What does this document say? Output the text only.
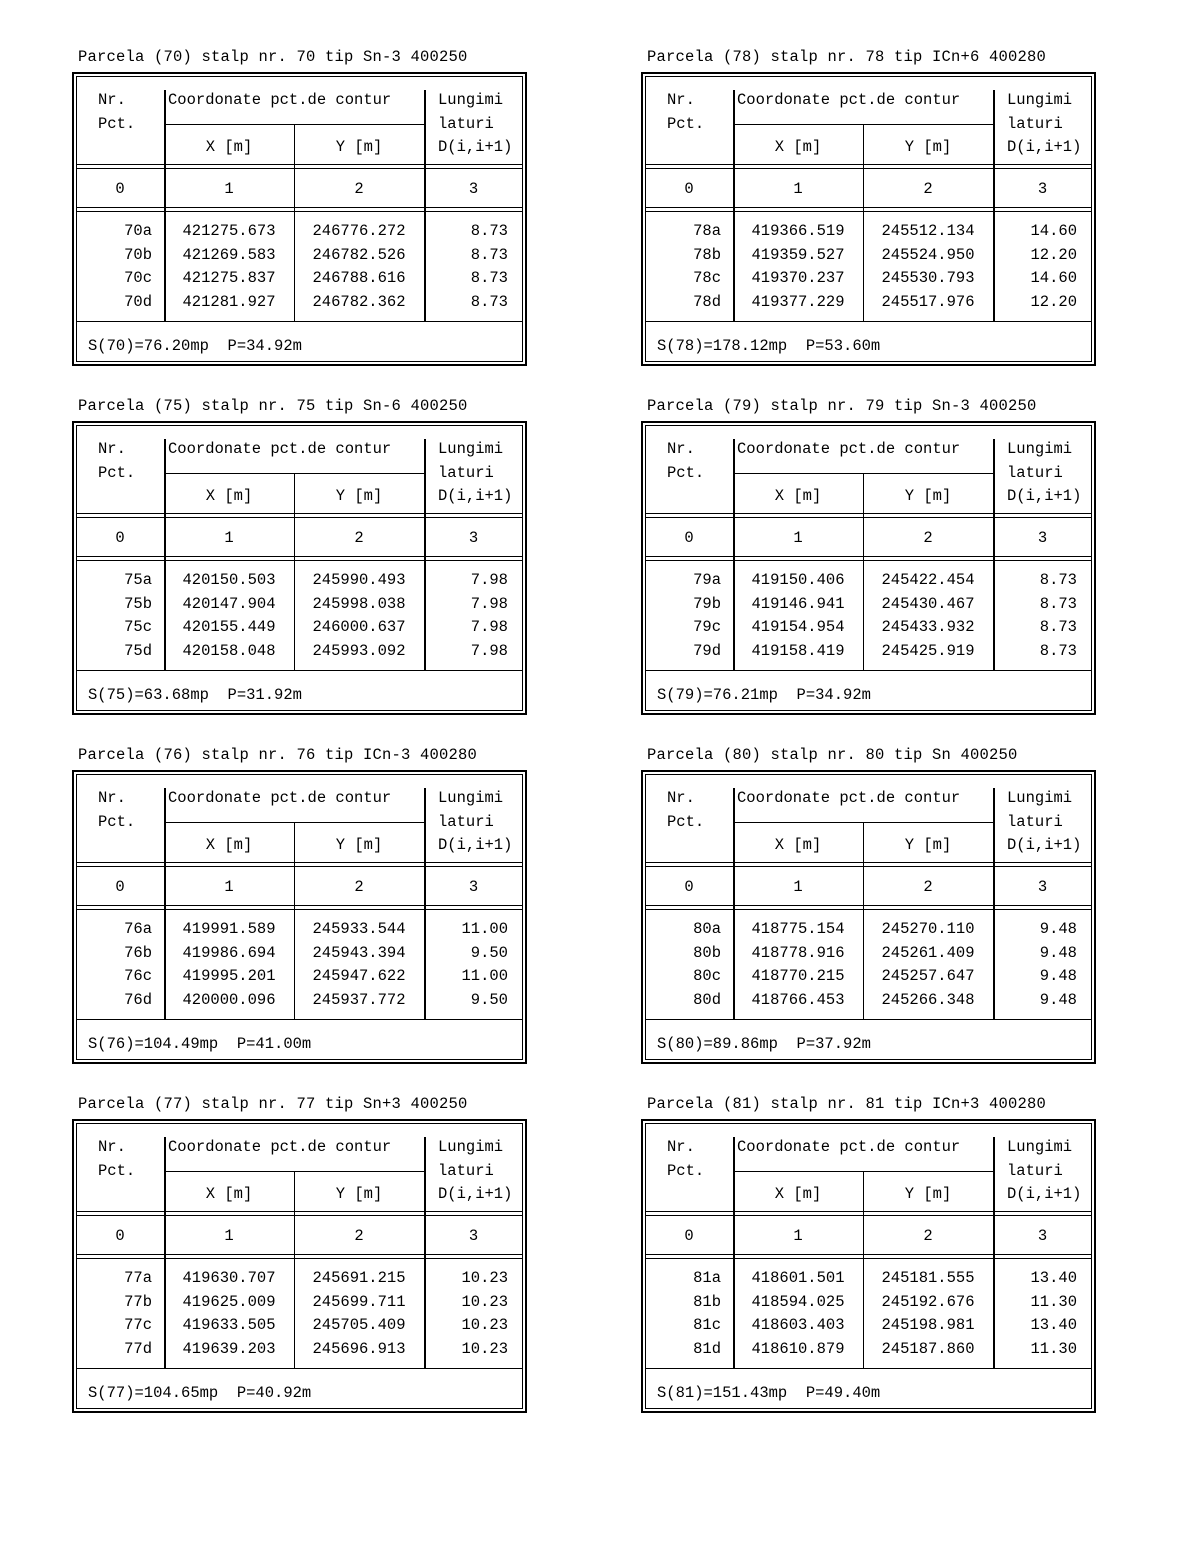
Parcela (70) stalp nr. 70 tip Sn-3 400250
Nr.
Pct.
Coordonate pct.de contur	Lungimi
laturi
D(i,i+1)
X [m]	Y [m]
0	1	2	3
70a	421275.673	246776.272	8.73
70b	421269.583	246782.526	8.73
70c	421275.837	246788.616	8.73
70d	421281.927	246782.362	8.73
S(70)=76.20mp  P=34.92m
Parcela (78) stalp nr. 78 tip ICn+6 400280
Nr.
Pct.
Coordonate pct.de contur	Lungimi
laturi
D(i,i+1)
X [m]	Y [m]
0	1	2	3
78a	419366.519	245512.134	14.60
78b	419359.527	245524.950	12.20
78c	419370.237	245530.793	14.60
78d	419377.229	245517.976	12.20
S(78)=178.12mp  P=53.60m
Parcela (75) stalp nr. 75 tip Sn-6 400250
Nr.
Pct.
Coordonate pct.de contur	Lungimi
laturi
D(i,i+1)
X [m]	Y [m]
0	1	2	3
75a	420150.503	245990.493	7.98
75b	420147.904	245998.038	7.98
75c	420155.449	246000.637	7.98
75d	420158.048	245993.092	7.98
S(75)=63.68mp  P=31.92m
Parcela (79) stalp nr. 79 tip Sn-3 400250
Nr.
Pct.
Coordonate pct.de contur	Lungimi
laturi
D(i,i+1)
X [m]	Y [m]
0	1	2	3
79a	419150.406	245422.454	8.73
79b	419146.941	245430.467	8.73
79c	419154.954	245433.932	8.73
79d	419158.419	245425.919	8.73
S(79)=76.21mp  P=34.92m
Parcela (76) stalp nr. 76 tip ICn-3 400280
Nr.
Pct.
Coordonate pct.de contur	Lungimi
laturi
D(i,i+1)
X [m]	Y [m]
0	1	2	3
76a	419991.589	245933.544	11.00
76b	419986.694	245943.394	9.50
76c	419995.201	245947.622	11.00
76d	420000.096	245937.772	9.50
S(76)=104.49mp  P=41.00m
Parcela (80) stalp nr. 80 tip Sn 400250
Nr.
Pct.
Coordonate pct.de contur	Lungimi
laturi
D(i,i+1)
X [m]	Y [m]
0	1	2	3
80a	418775.154	245270.110	9.48
80b	418778.916	245261.409	9.48
80c	418770.215	245257.647	9.48
80d	418766.453	245266.348	9.48
S(80)=89.86mp  P=37.92m
Parcela (77) stalp nr. 77 tip Sn+3 400250
Nr.
Pct.
Coordonate pct.de contur	Lungimi
laturi
D(i,i+1)
X [m]	Y [m]
0	1	2	3
77a	419630.707	245691.215	10.23
77b	419625.009	245699.711	10.23
77c	419633.505	245705.409	10.23
77d	419639.203	245696.913	10.23
S(77)=104.65mp  P=40.92m
Parcela (81) stalp nr. 81 tip ICn+3 400280
Nr.
Pct.
Coordonate pct.de contur	Lungimi
laturi
D(i,i+1)
X [m]	Y [m]
0	1	2	3
81a	418601.501	245181.555	13.40
81b	418594.025	245192.676	11.30
81c	418603.403	245198.981	13.40
81d	418610.879	245187.860	11.30
S(81)=151.43mp  P=49.40m
